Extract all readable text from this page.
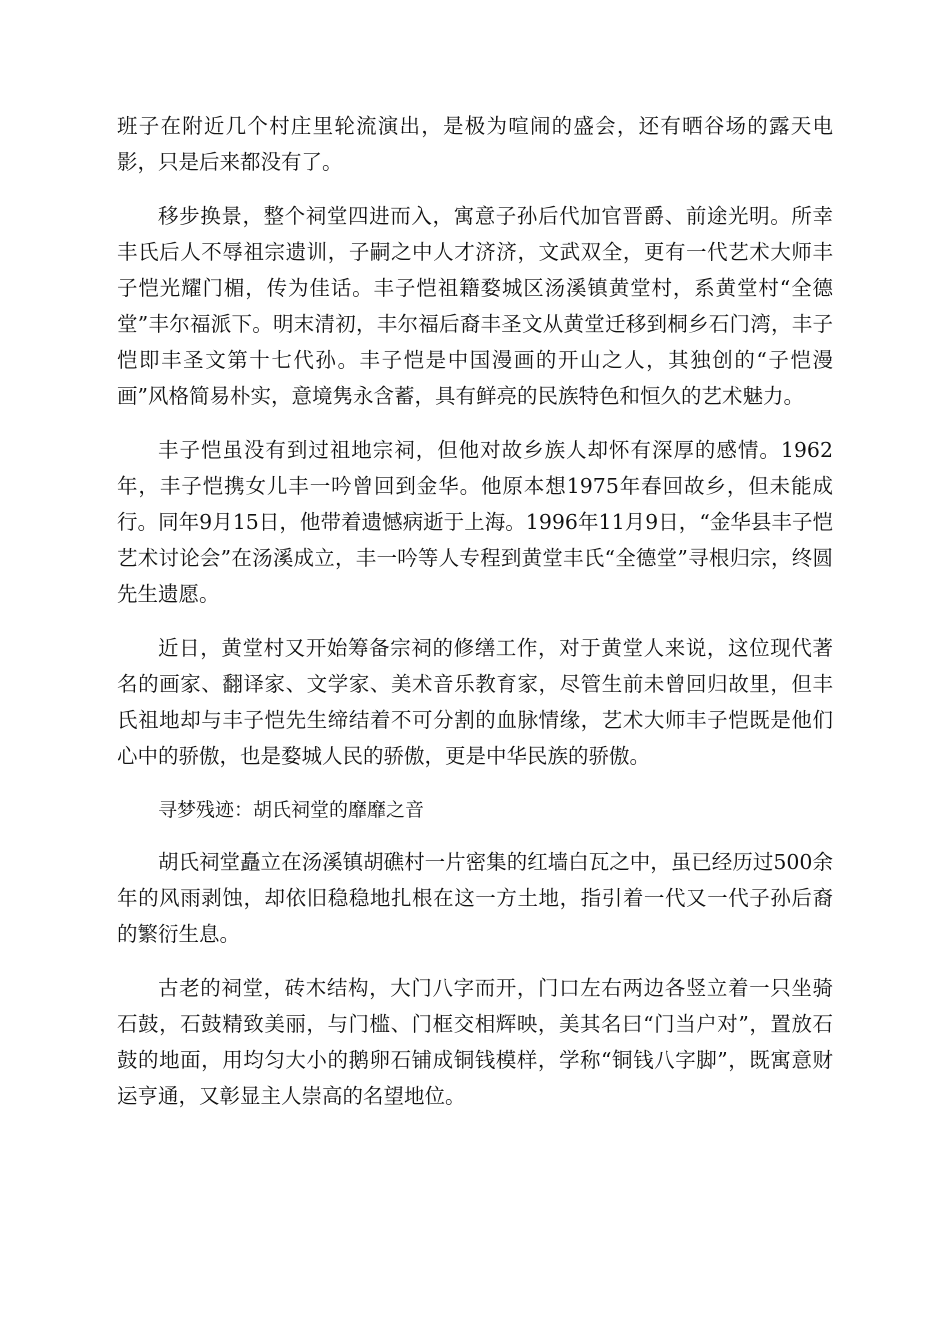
班子在附近几个村庄里轮流演出，是极为喧闹的盛会，还有晒谷场的露天电影，只是后来都没有了。

移步换景，整个祠堂四进而入，寓意子孙后代加官晋爵、前途光明。所幸丰氏后人不辱祖宗遗训，子嗣之中人才济济，文武双全，更有一代艺术大师丰子恺光耀门楣，传为佳话。丰子恺祖籍婺城区汤溪镇黄堂村，系黄堂村“全德堂”丰尔福派下。明末清初，丰尔福后裔丰圣文从黄堂迁移到桐乡石门湾，丰子恺即丰圣文第十七代孙。丰子恺是中国漫画的开山之人，其独创的“子恺漫画”风格简易朴实，意境隽永含蓄，具有鲜亮的民族特色和恒久的艺术魅力。

丰子恺虽没有到过祖地宗祠，但他对故乡族人却怀有深厚的感情。1962年，丰子恺携女儿丰一吟曾回到金华。他原本想1975年春回故乡，但未能成行。同年9月15日，他带着遗憾病逝于上海。1996年11月9日，“金华县丰子恺艺术讨论会”在汤溪成立，丰一吟等人专程到黄堂丰氏“全德堂”寻根归宗，终圆先生遗愿。

近日，黄堂村又开始筹备宗祠的修缮工作，对于黄堂人来说，这位现代著名的画家、翻译家、文学家、美术音乐教育家，尽管生前未曾回归故里，但丰氏祖地却与丰子恺先生缔结着不可分割的血脉情缘，艺术大师丰子恺既是他们心中的骄傲，也是婺城人民的骄傲，更是中华民族的骄傲。

寻梦残迹：胡氏祠堂的靡靡之音

胡氏祠堂矗立在汤溪镇胡礁村一片密集的红墙白瓦之中，虽已经历过500余年的风雨剥蚀，却依旧稳稳地扎根在这一方土地，指引着一代又一代子孙后裔的繁衍生息。

古老的祠堂，砖木结构，大门八字而开，门口左右两边各竖立着一只坐骑石鼓，石鼓精致美丽，与门槛、门框交相辉映，美其名曰“门当户对”，置放石鼓的地面，用均匀大小的鹅卵石铺成铜钱模样，学称“铜钱八字脚”，既寓意财运亨通，又彰显主人崇高的名望地位。
